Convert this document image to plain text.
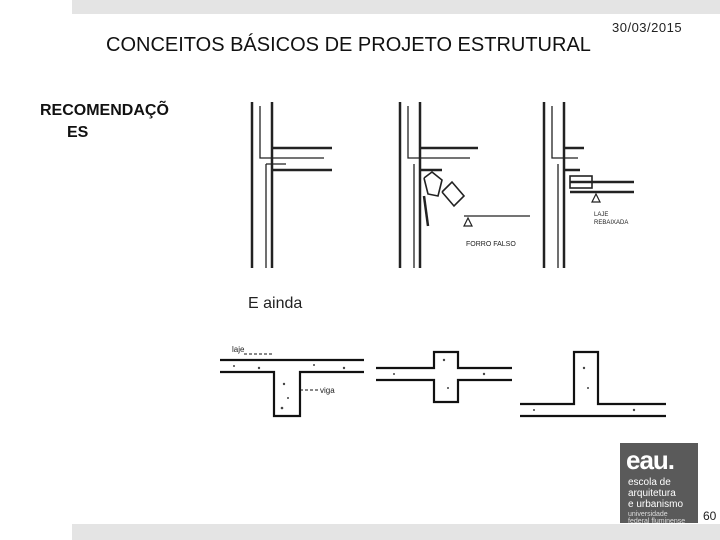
30/03/2015
CONCEITOS BÁSICOS DE PROJETO ESTRUTURAL
RECOMENDAÇÕ
ES
FORRO FALSO
LAJE
REBAIXADA
E ainda
laje
viga
eau.
escola de
arquitetura
e urbanismo
universidade
federal fluminense 60
